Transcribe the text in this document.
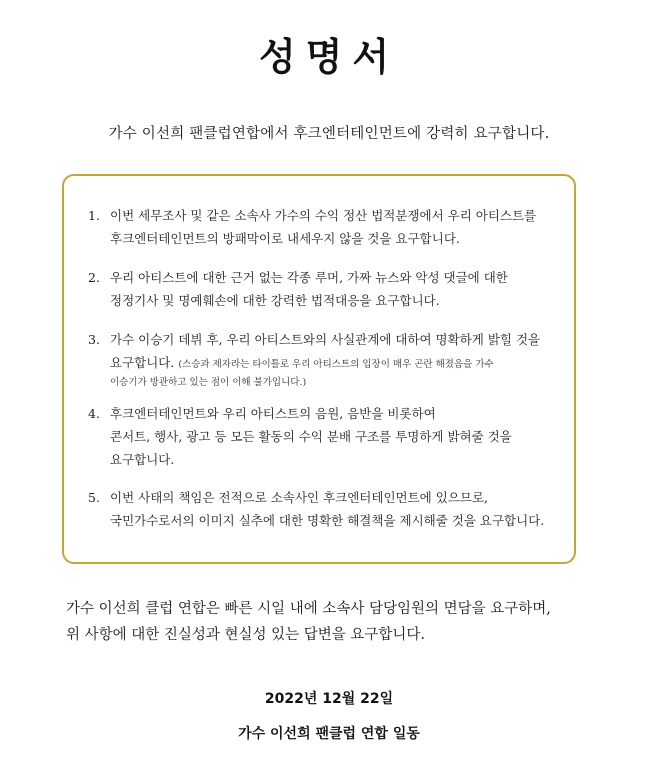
성명서
가수 이선희 팬클럽연합에서 후크엔터테인먼트에 강력히 요구합니다.
1. 이번 세무조사 및 같은 소속사 가수의 수익 정산 법적분쟁에서 우리 아티스트를
후크엔터테인먼트의 방패막이로 내세우지 않을 것을 요구합니다.
2. 우리 아티스트에 대한 근거 없는 각종 루머, 가짜 뉴스와 악성 댓글에 대한
정정기사 및 명예훼손에 대한 강력한 법적대응을 요구합니다.
3. 가수 이승기 데뷔 후, 우리 아티스트와의 사실관계에 대하여 명확하게 밝힐 것을
요구합니다. (스승과 제자라는 타이틀로 우리 아티스트의 입장이 매우 곤란 해졌음을 가수
이승기가 방관하고 있는 점이 이해 불가입니다.)
4. 후크엔터테인먼트와 우리 아티스트의 음원, 음반을 비롯하여
콘서트, 행사, 광고 등 모든 활동의 수익 분배 구조를 투명하게 밝혀줄 것을
요구합니다.
5. 이번 사태의 책임은 전적으로 소속사인 후크엔터테인먼트에 있으므로,
국민가수로서의 이미지 실추에 대한 명확한 해결책을 제시해줄 것을 요구합니다.
가수 이선희 클럽 연합은 빠른 시일 내에 소속사 담당임원의 면담을 요구하며,
위 사항에 대한 진실성과 현실성 있는 답변을 요구합니다.
2022년 12월 22일
가수 이선희 팬클럽 연합 일동
